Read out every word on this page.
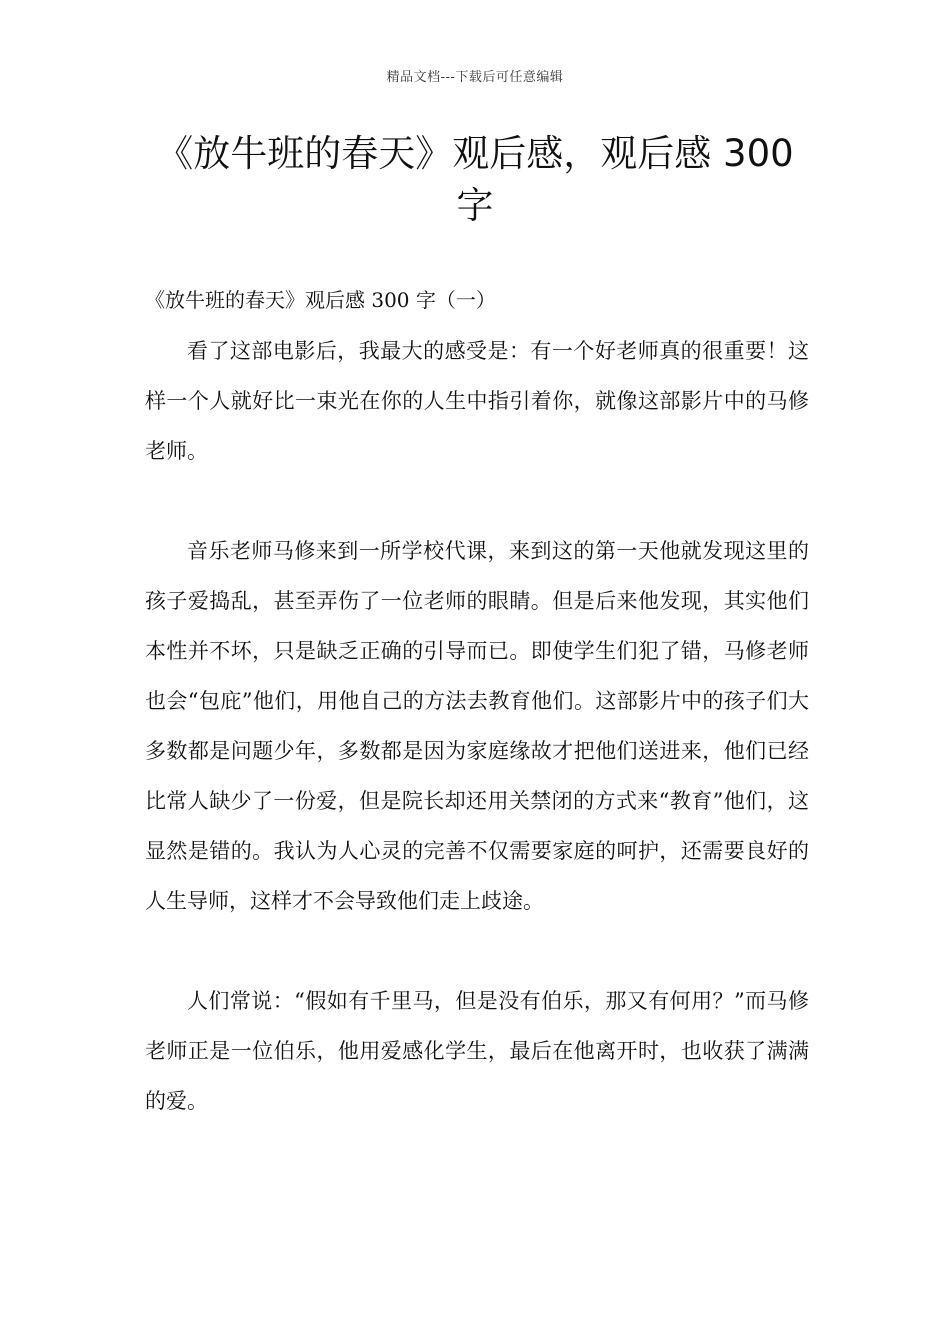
精品文档---下载后可任意编辑
《放牛班的春天》观后感，观后感 300 字

《放牛班的春天》观后感 300 字（一）

看了这部电影后，我最大的感受是：有一个好老师真的很重要！这样一个人就好比一束光在你的人生中指引着你，就像这部影片中的马修老师。

音乐老师马修来到一所学校代课，来到这的第一天他就发现这里的孩子爱捣乱，甚至弄伤了一位老师的眼睛。但是后来他发现，其实他们本性并不坏，只是缺乏正确的引导而已。即使学生们犯了错，马修老师也会“包庇”他们，用他自己的方法去教育他们。这部影片中的孩子们大多数都是问题少年，多数都是因为家庭缘故才把他们送进来，他们已经比常人缺少了一份爱，但是院长却还用关禁闭的方式来“教育”他们，这显然是错的。我认为人心灵的完善不仅需要家庭的呵护，还需要良好的人生导师，这样才不会导致他们走上歧途。

人们常说：“假如有千里马，但是没有伯乐，那又有何用？”而马修老师正是一位伯乐，他用爱感化学生，最后在他离开时，也收获了满满的爱。
